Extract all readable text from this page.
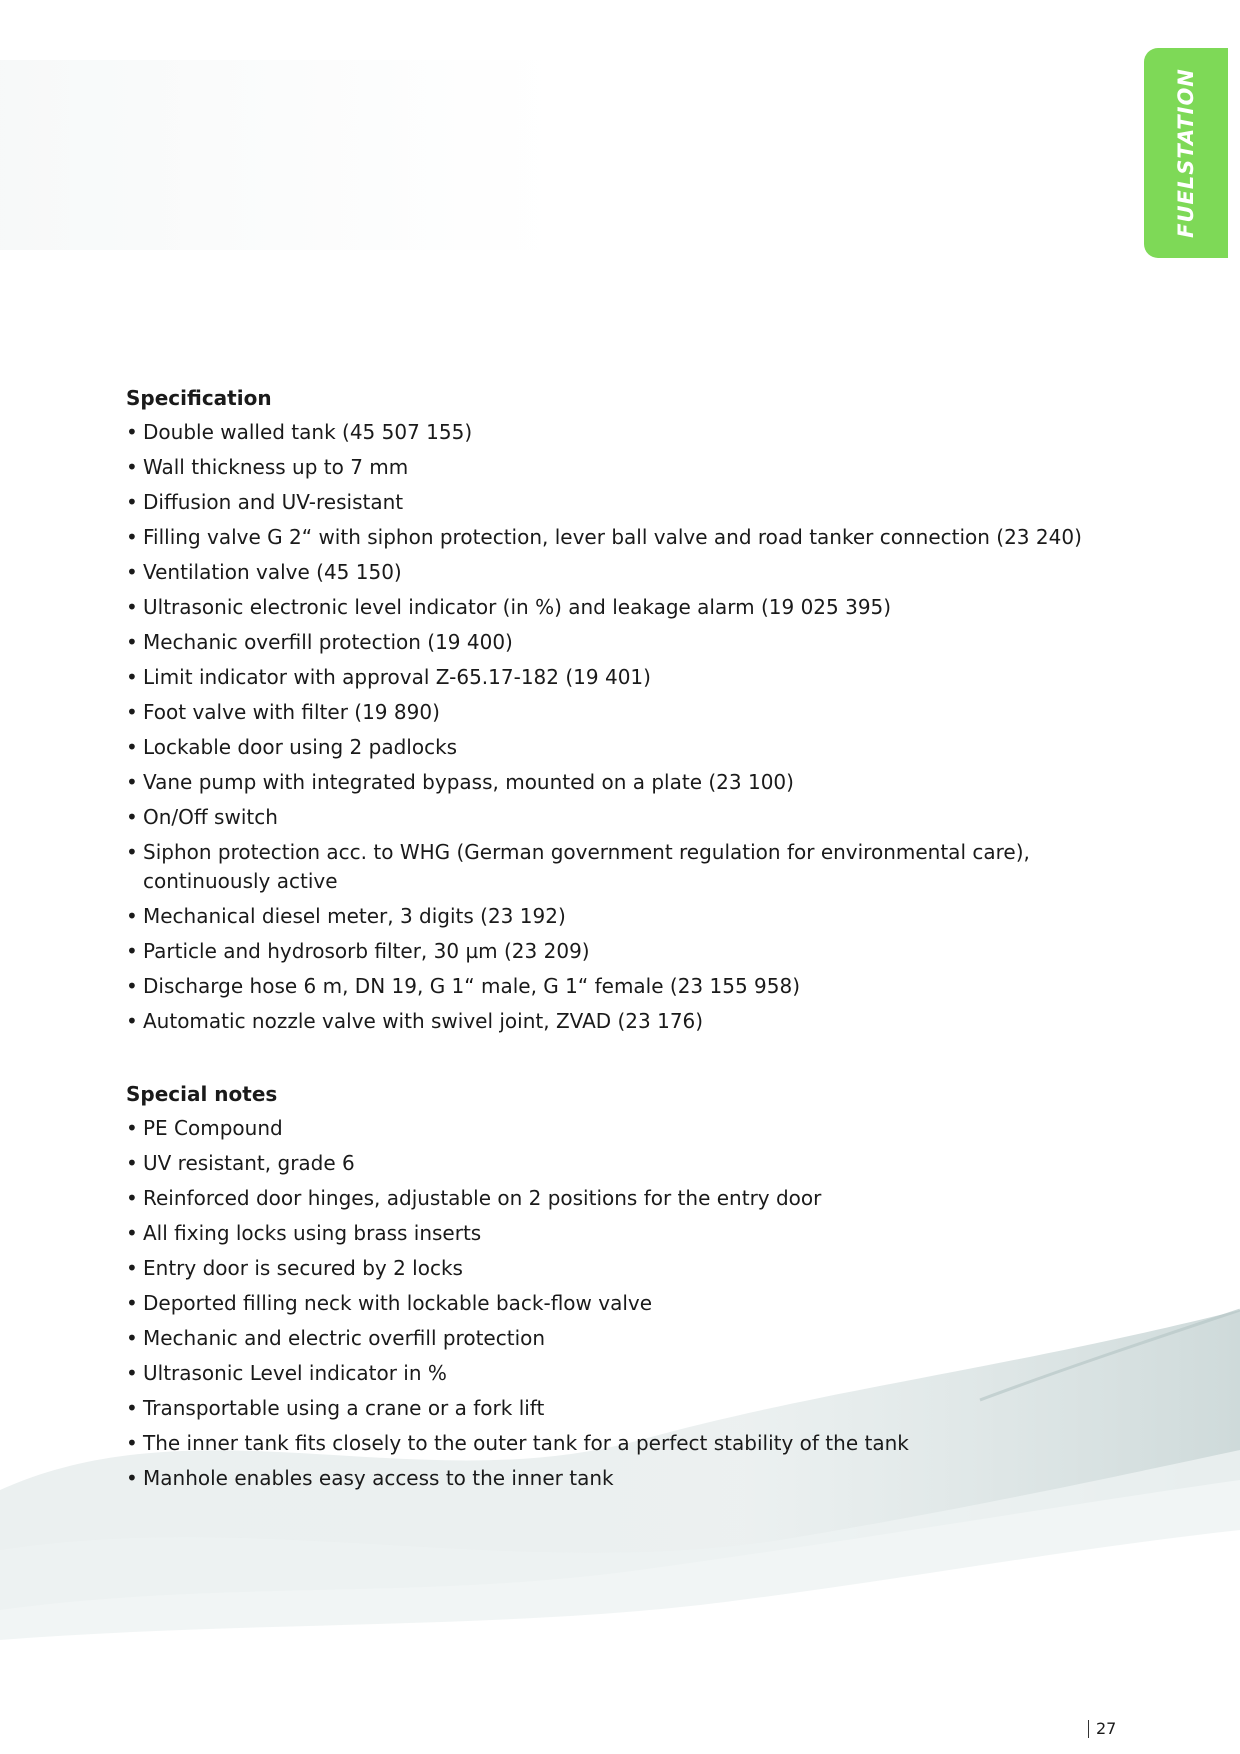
FUELSTATION
Specification
• Double walled tank (45 507 155)
• Wall thickness up to 7 mm
• Diffusion and UV-resistant
• Filling valve G 2“ with siphon protection, lever ball valve and road tanker connection (23 240)
• Ventilation valve (45 150)
• Ultrasonic electronic level indicator (in %) and leakage alarm (19 025 395)
• Mechanic overfill protection (19 400)
• Limit indicator with approval Z-65.17-182 (19 401)
• Foot valve with filter (19 890)
• Lockable door using 2 padlocks
• Vane pump with integrated bypass, mounted on a plate (23 100)
• On/Off switch
• Siphon protection acc. to WHG (German government regulation for environmental care), continuously active
• Mechanical diesel meter, 3 digits (23 192)
• Particle and hydrosorb filter, 30 µm (23 209)
• Discharge hose 6 m, DN 19, G 1“ male, G 1“ female (23 155 958)
• Automatic nozzle valve with swivel joint, ZVAD (23 176)
Special notes
• PE Compound
• UV resistant, grade 6
• Reinforced door hinges, adjustable on 2 positions for the entry door
• All fixing locks using brass inserts
• Entry door is secured by 2 locks
• Deported filling neck with lockable back-flow valve
• Mechanic and electric overfill protection
• Ultrasonic Level indicator in %
• Transportable using a crane or a fork lift
• The inner tank fits closely to the outer tank for a perfect stability of the tank
• Manhole enables easy access to the inner tank
27
